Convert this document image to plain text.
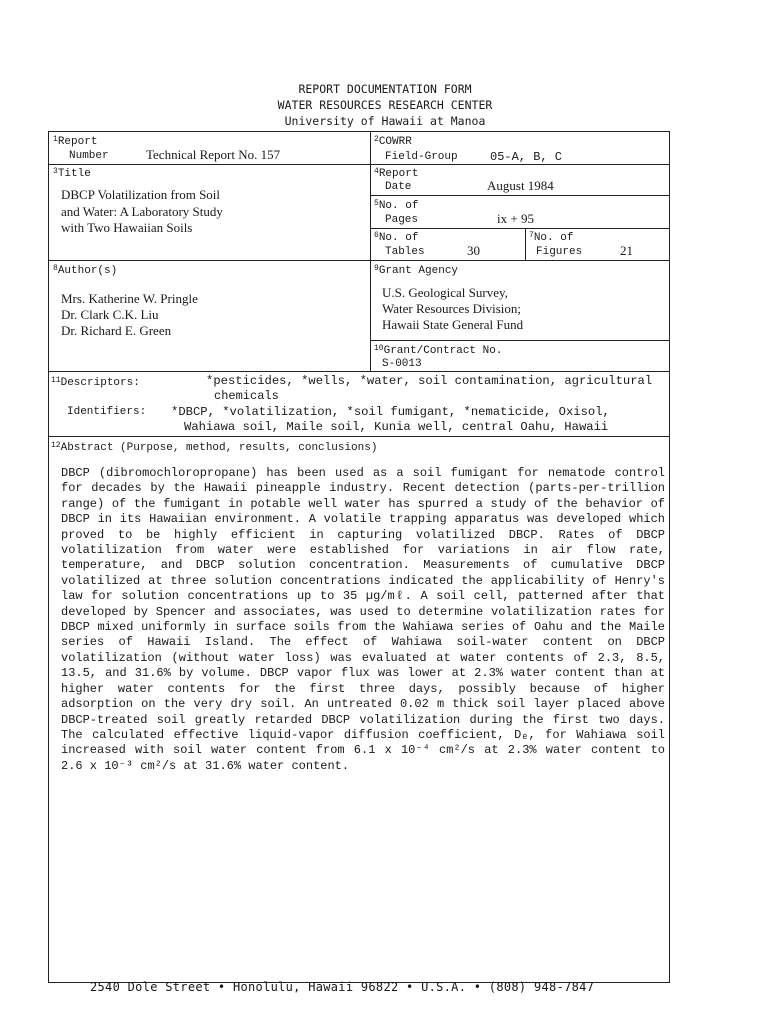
REPORT DOCUMENTATION FORM
WATER RESOURCES RESEARCH CENTER
University of Hawaii at Manoa
$^1$Report
Number	Technical Report No. 157
$^2$COWRR
Field-Group	05-A, B, C
$^3$Title
DBCP Volatilization from Soil
and Water: A Laboratory Study
with Two Hawaiian Soils
$^4$Report
Date	August 1984
$^5$No. of
Pages	ix + 95
$^6$No. of
Tables	30
$^7$No. of
Figures	21
$^8$Author(s)
Mrs. Katherine W. Pringle
Dr. Clark C.K. Liu
Dr. Richard E. Green
$^9$Grant Agency
U.S. Geological Survey,
Water Resources Division;
Hawaii State General Fund
$^{10}$Grant/Contract No.
S-0013
$^{11}$Descriptors:	*pesticides, *wells, *water, soil contamination, agricultural
chemicals
Identifiers: *DBCP, *volatilization, *soil fumigant, *nematicide, Oxisol,
Wahiawa soil, Maile soil, Kunia well, central Oahu, Hawaii
$^{12}$Abstract (Purpose, method, results, conclusions)
DBCP (dibromochloropropane) has been used as a soil fumigant for nematode control for decades by the Hawaii pineapple industry. Recent detection (parts-per-trillion range) of the fumigant in potable well water has spurred a study of the behavior of DBCP in its Hawaiian environment. A volatile trapping apparatus was developed which proved to be highly efficient in capturing volatilized DBCP. Rates of DBCP volatilization from water were established for variations in air flow rate, temperature, and DBCP solution concentration. Measurements of cumulative DBCP volatilized at three solution concentrations indicated the applicability of Henry's law for solution concentrations up to 35 µg/mℓ. A soil cell, patterned after that developed by Spencer and associates, was used to determine volatilization rates for DBCP mixed uniformly in surface soils from the Wahiawa series of Oahu and the Maile series of Hawaii Island. The effect of Wahiawa soil-water content on DBCP volatilization (without water loss) was evaluated at water contents of 2.3, 8.5, 13.5, and 31.6% by volume. DBCP vapor flux was lower at 2.3% water content than at higher water contents for the first three days, possibly because of higher adsorption on the very dry soil. An untreated 0.02 m thick soil layer placed above DBCP-treated soil greatly retarded DBCP volatilization during the first two days. The calculated effective liquid-vapor diffusion coefficient, Dₑ, for Wahiawa soil increased with soil water content from 6.1 x 10⁻⁴ cm²/s at 2.3% water content to 2.6 x 10⁻³ cm²/s at 31.6% water content.
2540 Dole Street • Honolulu, Hawaii 96822 • U.S.A. • (808) 948-7847
